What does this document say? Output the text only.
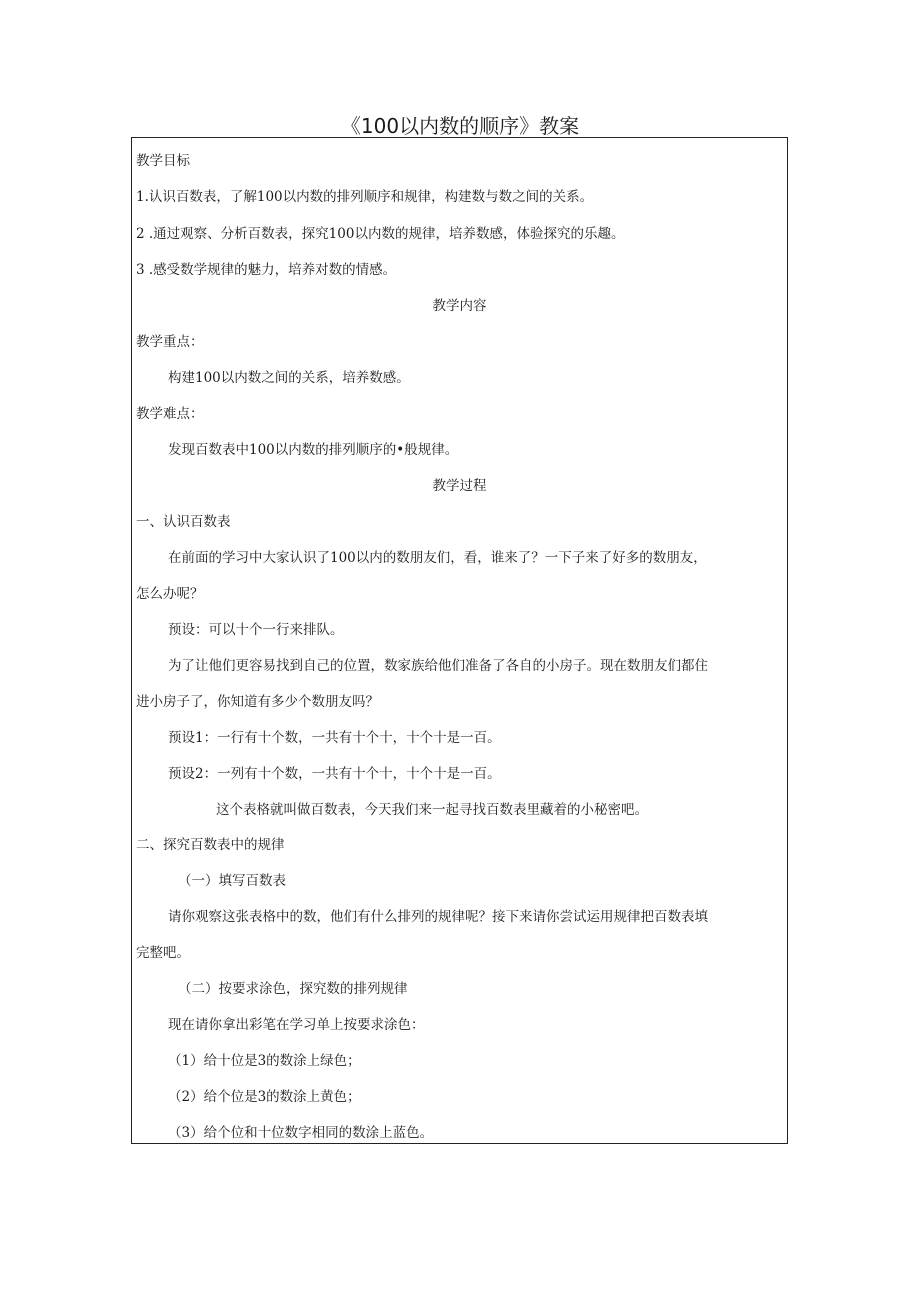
《100以内数的顺序》教案
教学目标
1.认识百数表，了解100以内数的排列顺序和规律，构建数与数之间的关系。
2 .通过观察、分析百数表，探究100以内数的规律，培养数感，体验探究的乐趣。
3 .感受数学规律的魅力，培养对数的情感。
教学内容
教学重点：
构建100以内数之间的关系，培养数感。
教学难点：
发现百数表中100以内数的排列顺序的•般规律。
教学过程
一、认识百数表
在前面的学习中大家认识了100以内的数朋友们，看，谁来了？一下子来了好多的数朋友，
怎么办呢？
预设：可以十个一行来排队。
为了让他们更容易找到自己的位置，数家族给他们准备了各自的小房子。现在数朋友们都住
进小房子了，你知道有多少个数朋友吗？
预设1：一行有十个数，一共有十个十，十个十是一百。
预设2：一列有十个数，一共有十个十，十个十是一百。
这个表格就叫做百数表，今天我们来一起寻找百数表里藏着的小秘密吧。
二、探究百数表中的规律
（一）填写百数表
请你观察这张表格中的数，他们有什么排列的规律呢？接下来请你尝试运用规律把百数表填
完整吧。
（二）按要求涂色，探究数的排列规律
现在请你拿出彩笔在学习单上按要求涂色：
（1）给十位是3的数涂上绿色；
（2）给个位是3的数涂上黄色；
（3）给个位和十位数字相同的数涂上蓝色。
